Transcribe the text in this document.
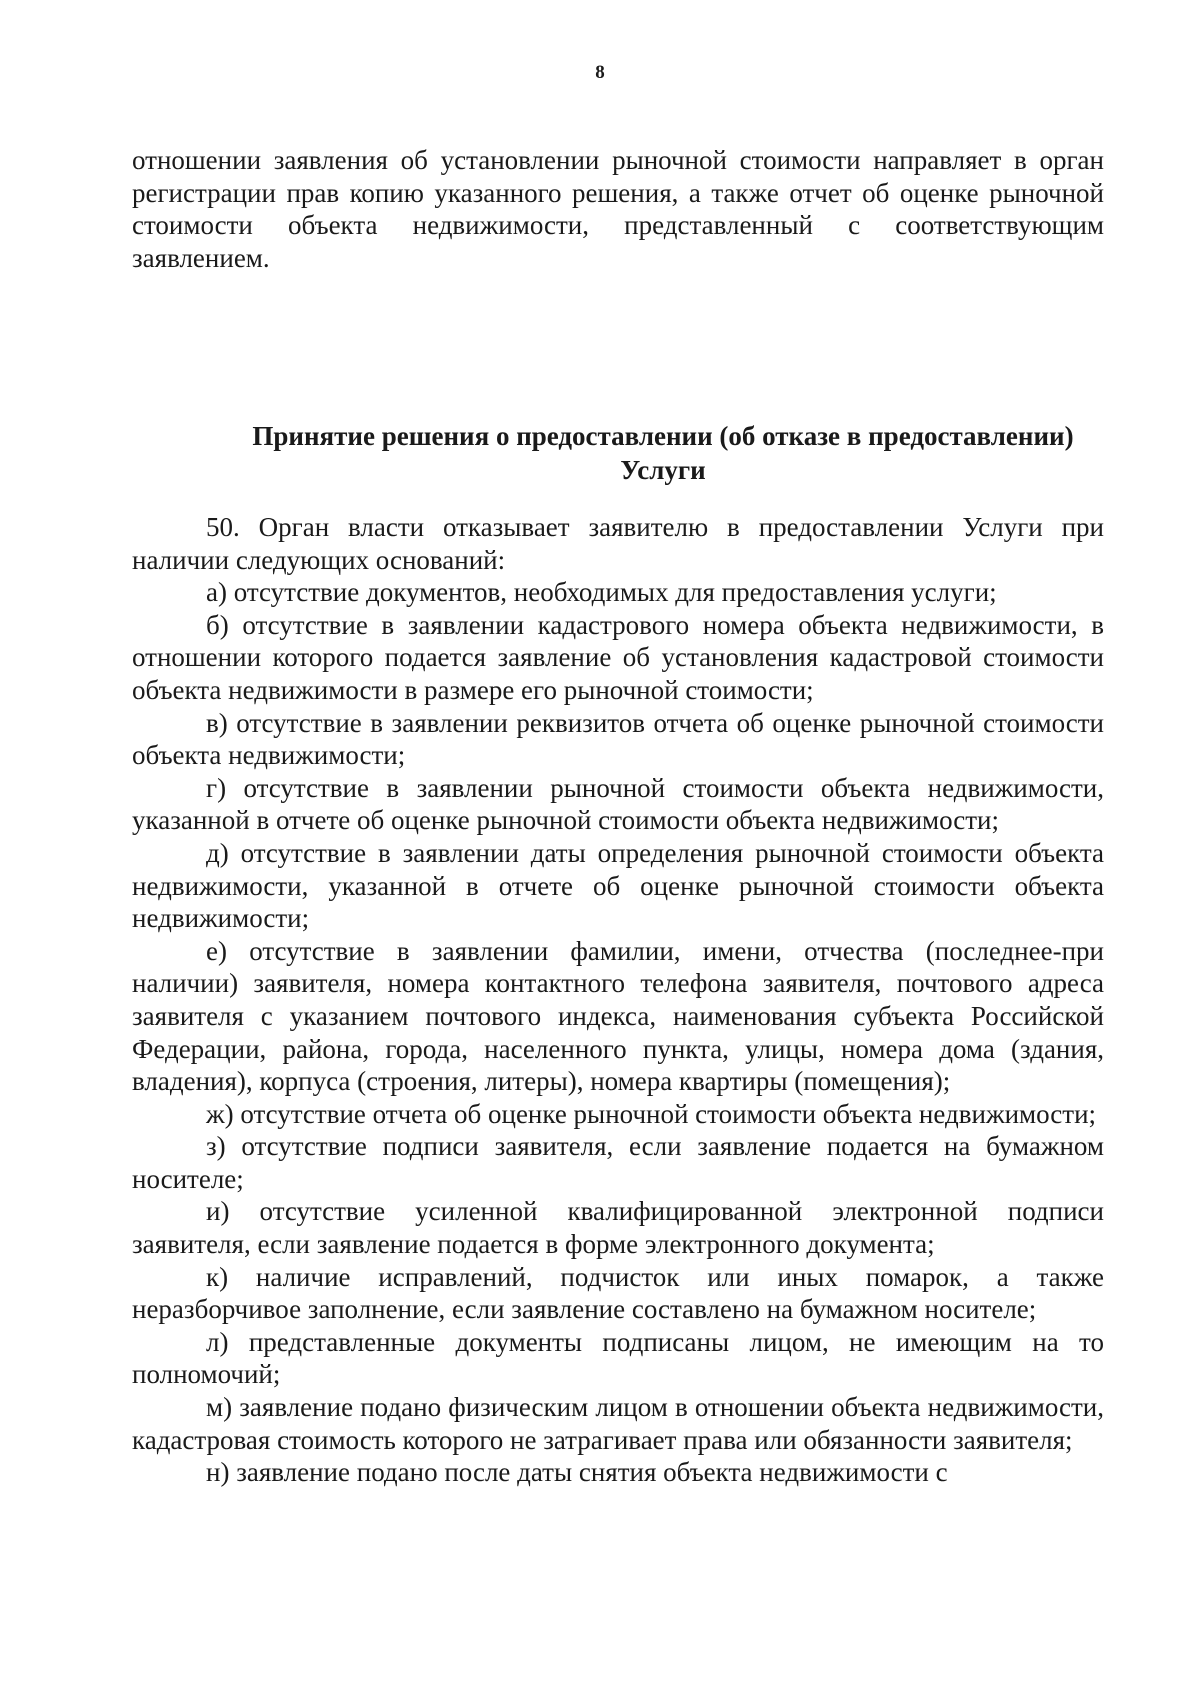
8

отношении заявления об установлении рыночной стоимости направляет в орган регистрации прав копию указанного решения, а также отчет об оценке рыночной стоимости объекта недвижимости, представленный с соответствующим заявлением.

Принятие решения о предоставлении (об отказе в предоставлении)
Услуги

50. Орган власти отказывает заявителю в предоставлении Услуги при наличии следующих оснований:

а) отсутствие документов, необходимых для предоставления услуги;

б) отсутствие в заявлении кадастрового номера объекта недвижимости, в отношении которого подается заявление об установления кадастровой стоимости объекта недвижимости в размере его рыночной стоимости;

в) отсутствие в заявлении реквизитов отчета об оценке рыночной стоимости объекта недвижимости;

г) отсутствие в заявлении рыночной стоимости объекта недвижимости, указанной в отчете об оценке рыночной стоимости объекта недвижимости;

д) отсутствие в заявлении даты определения рыночной стоимости объекта недвижимости, указанной в отчете об оценке рыночной стоимости объекта недвижимости;

е) отсутствие в заявлении фамилии, имени, отчества (последнее-при наличии) заявителя, номера контактного телефона заявителя, почтового адреса заявителя с указанием почтового индекса, наименования субъекта Российской Федерации, района, города, населенного пункта, улицы, номера дома (здания, владения), корпуса (строения, литеры), номера квартиры (помещения);

ж) отсутствие отчета об оценке рыночной стоимости объекта недвижимости;

з) отсутствие подписи заявителя, если заявление подается на бумажном носителе;

и) отсутствие усиленной квалифицированной электронной подписи заявителя, если заявление подается в форме электронного документа;

к) наличие исправлений, подчисток или иных помарок, а также неразборчивое заполнение, если заявление составлено на бумажном носителе;

л) представленные документы подписаны лицом, не имеющим на то полномочий;

м) заявление подано физическим лицом в отношении объекта недвижимости, кадастровая стоимость которого не затрагивает права или обязанности заявителя;

н) заявление подано после даты снятия объекта недвижимости с
